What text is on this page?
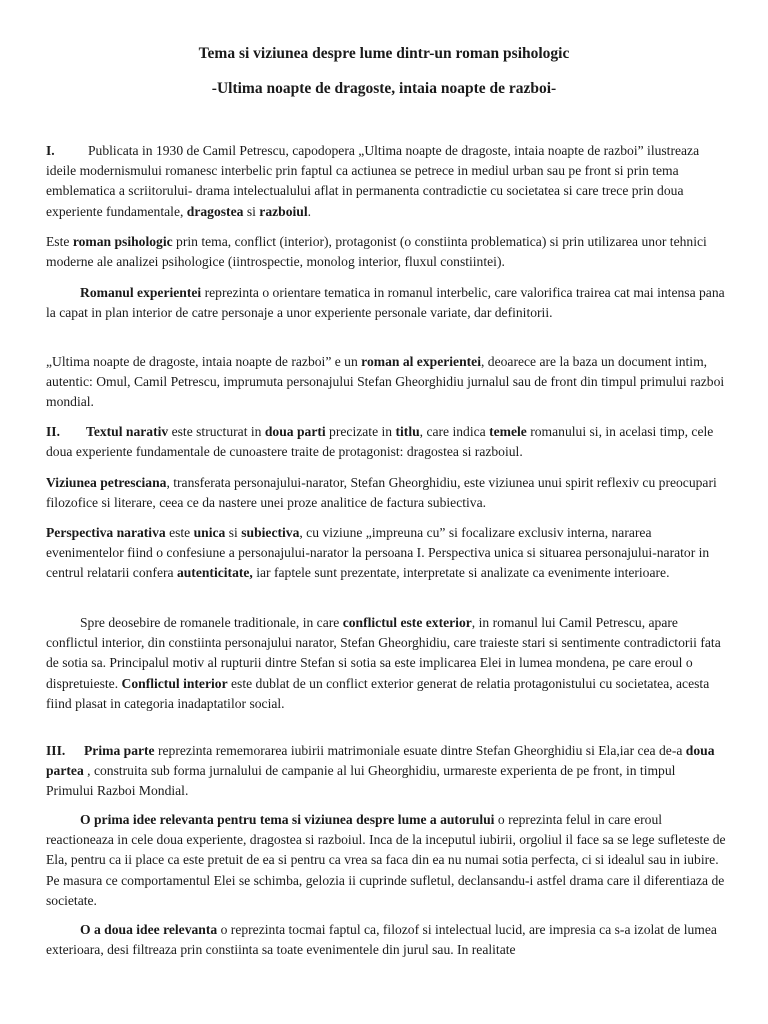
Tema si viziunea despre lume dintr-un roman psihologic
-Ultima noapte de dragoste, intaia noapte de razboi-

I. Publicata in 1930 de Camil Petrescu, capodopera „Ultima noapte de dragoste, intaia noapte de razboi” ilustreaza ideile modernismului romanesc interbelic prin faptul ca actiunea se petrece in mediul urban sau pe front si prin tema emblematica a scriitorului- drama intelectualului aflat in permanenta contradictie cu societatea si care trece prin doua experiente fundamentale, dragostea si razboiul.

Este roman psihologic prin tema, conflict (interior), protagonist (o constiinta problematica) si prin utilizarea unor tehnici moderne ale analizei psihologice (iintrospectie, monolog interior, fluxul constiintei).

Romanul experientei reprezinta o orientare tematica in romanul interbelic, care valorifica trairea cat mai intensa pana la capat in plan interior de catre personaje a unor experiente personale variate, dar definitorii.

„Ultima noapte de dragoste, intaia noapte de razboi” e un roman al experientei, deoarece are la baza un document intim, autentic: Omul, Camil Petrescu, imprumuta personajului Stefan Gheorghidiu jurnalul sau de front din timpul primului razboi mondial.

II. Textul narativ este structurat in doua parti precizate in titlu, care indica temele romanului si, in acelasi timp, cele doua experiente fundamentale de cunoastere traite de protagonist: dragostea si razboiul.

Viziunea petresciana, transferata personajului-narator, Stefan Gheorghidiu, este viziunea unui spirit reflexiv cu preocupari filozofice si literare, ceea ce da nastere unei proze analitice de factura subiectiva.

Perspectiva narativa este unica si subiectiva, cu viziune „impreuna cu” si focalizare exclusiv interna, nararea evenimentelor fiind o confesiune a personajului-narator la persoana I. Perspectiva unica si situarea personajului-narator in centrul relatarii confera autenticitate, iar faptele sunt prezentate, interpretate si analizate ca evenimente interioare.

Spre deosebire de romanele traditionale, in care conflictul este exterior, in romanul lui Camil Petrescu, apare conflictul interior, din constiinta personajului narator, Stefan Gheorghidiu, care traieste stari si sentimente contradictorii fata de sotia sa. Principalul motiv al rupturii dintre Stefan si sotia sa este implicarea Elei in lumea mondena, pe care eroul o dispretuieste. Conflictul interior este dublat de un conflict exterior generat de relatia protagonistului cu societatea, acesta fiind plasat in categoria inadaptatilor social.

III. Prima parte reprezinta rememorarea iubirii matrimoniale esuate dintre Stefan Gheorghidiu si Ela,iar cea de-a doua partea , construita sub forma jurnalului de campanie al lui Gheorghidiu, urmareste experienta de pe front, in timpul Primului Razboi Mondial.

O prima idee relevanta pentru tema si viziunea despre lume a autorului o reprezinta felul in care eroul reactioneaza in cele doua experiente, dragostea si razboiul. Inca de la inceputul iubirii, orgoliul il face sa se lege sufleteste de Ela, pentru ca ii place ca este pretuit de ea si pentru ca vrea sa faca din ea nu numai sotia perfecta, ci si idealul sau in iubire. Pe masura ce comportamentul Elei se schimba, gelozia ii cuprinde sufletul, declansandu-i astfel drama care il diferentiaza de societate.

O a doua idee relevanta o reprezinta tocmai faptul ca, filozof si intelectual lucid, are impresia ca s-a izolat de lumea exterioara, desi filtreaza prin constiinta sa toate evenimentele din jurul sau. In realitate
